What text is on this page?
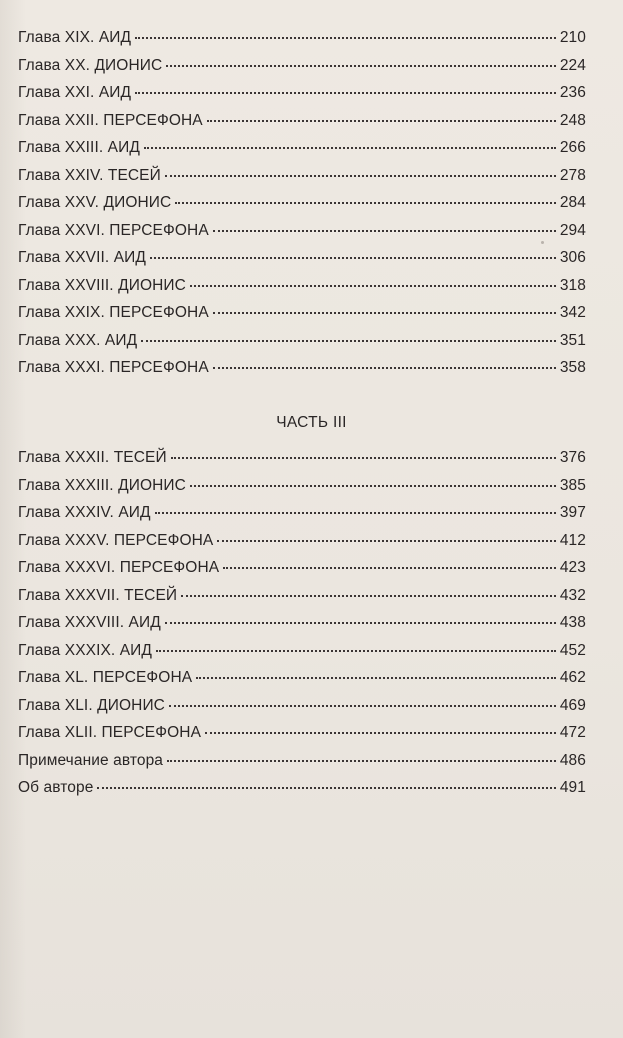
Глава XIX. АИД	210
Глава XX. ДИОНИС	224
Глава XXI. АИД	236
Глава XXII. ПЕРСЕФОНА	248
Глава XXIII. АИД	266
Глава XXIV. ТЕСЕЙ	278
Глава XXV. ДИОНИС	284
Глава XXVI. ПЕРСЕФОНА	294
Глава XXVII. АИД	306
Глава XXVIII. ДИОНИС	318
Глава XXIX. ПЕРСЕФОНА	342
Глава XXX. АИД	351
Глава XXXI. ПЕРСЕФОНА	358
ЧАСТЬ III
Глава XXXII. ТЕСЕЙ	376
Глава XXXIII. ДИОНИС	385
Глава XXXIV. АИД	397
Глава XXXV. ПЕРСЕФОНА	412
Глава XXXVI. ПЕРСЕФОНА	423
Глава XXXVII. ТЕСЕЙ	432
Глава XXXVIII. АИД	438
Глава XXXIX. АИД	452
Глава XL. ПЕРСЕФОНА	462
Глава XLI. ДИОНИС	469
Глава XLII. ПЕРСЕФОНА	472
Примечание автора	486
Об авторе	491
